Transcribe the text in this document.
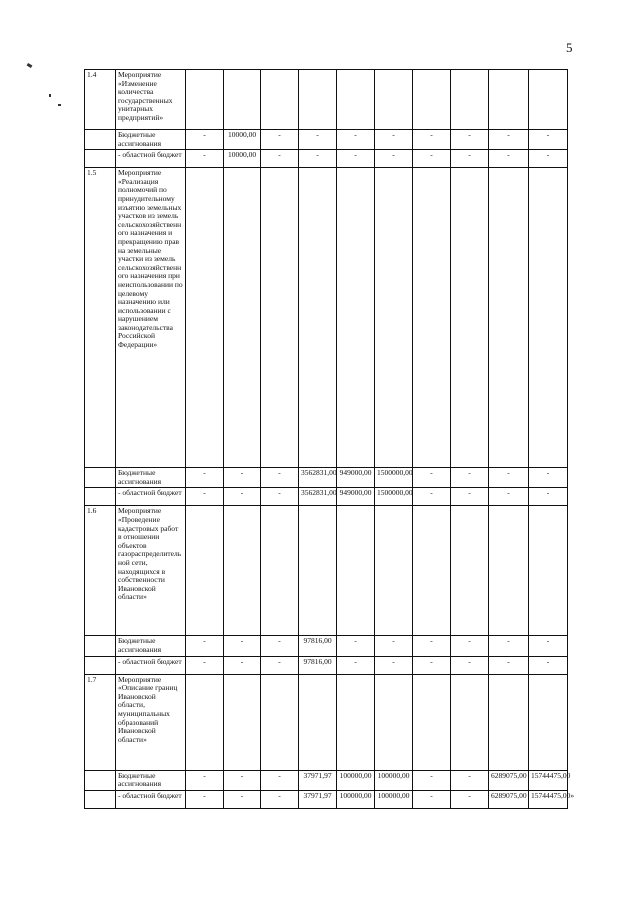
5
1.4	Мероприятие «Изменение количества государственных унитарных предприятий»										
	Бюджетные ассигнования	-	10000,00	-	-	-	-	-	-	-	-
	- областной бюджет	-	10000,00	-	-	-	-	-	-	-	-
1.5	Мероприятие «Реализация полномочий по принудительному изъятию земельных участков из земель сельскохозяйственного назначения и прекращению прав на земельные участки из земель сельскохозяйственного назначения при неиспользовании по целевому назначению или использовании с нарушением законодательства Российской Федерации»										
	Бюджетные ассигнования	-	-	-	3562831,00	949000,00	1500000,00	-	-	-	-
	- областной бюджет	-	-	-	3562831,00	949000,00	1500000,00	-	-	-	-
1.6	Мероприятие «Проведение кадастровых работ в отношении объектов газораспределительной сети, находящихся в собственности Ивановской области»										
	Бюджетные ассигнования	-	-	-	97816,00	-	-	-	-	-	-
	- областной бюджет	-	-	-	97816,00	-	-	-	-	-	-
1.7	Мероприятие «Описание границ Ивановской области, муниципальных образований Ивановской области»										
	Бюджетные ассигнования	-	-	-	37971,97	100000,00	100000,00	-	-	6289075,00	15744475,00
	- областной бюджет	-	-	-	37971,97	100000,00	100000,00	-	-	6289075,00	15744475,00»
